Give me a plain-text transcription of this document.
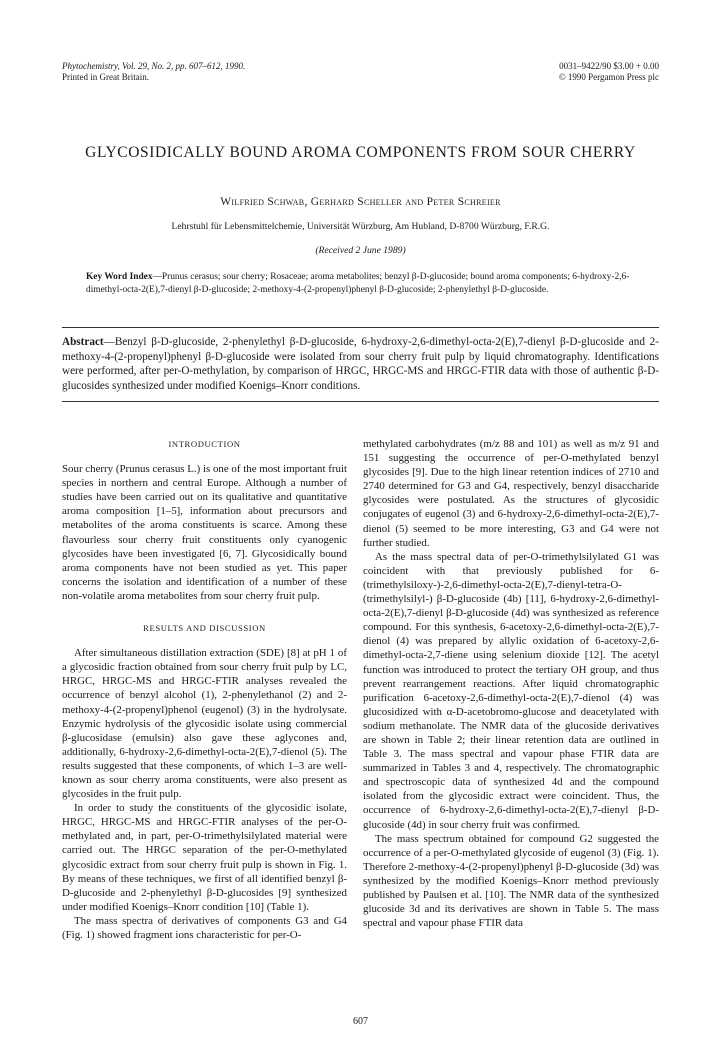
Phytochemistry, Vol. 29, No. 2, pp. 607–612, 1990.
Printed in Great Britain.
0031–9422/90 $3.00 + 0.00
© 1990 Pergamon Press plc
GLYCOSIDICALLY BOUND AROMA COMPONENTS FROM SOUR CHERRY
Wilfried Schwab, Gerhard Scheller and Peter Schreier
Lehrstuhl für Lebensmittelchemie, Universität Würzburg, Am Hubland, D-8700 Würzburg, F.R.G.
(Received 2 June 1989)
Key Word Index—Prunus cerasus; sour cherry; Rosaceae; aroma metabolites; benzyl β-D-glucoside; bound aroma components; 6-hydroxy-2,6-dimethyl-octa-2(E),7-dienyl β-D-glucoside; 2-methoxy-4-(2-propenyl)phenyl β-D-glucoside; 2-phenylethyl β-D-glucoside.
Abstract—Benzyl β-D-glucoside, 2-phenylethyl β-D-glucoside, 6-hydroxy-2,6-dimethyl-octa-2(E),7-dienyl β-D-glucoside and 2-methoxy-4-(2-propenyl)phenyl β-D-glucoside were isolated from sour cherry fruit pulp by liquid chromatography. Identifications were performed, after per-O-methylation, by comparison of HRGC, HRGC-MS and HRGC-FTIR data with those of authentic β-D-glucosides synthesized under modified Koenigs–Knorr conditions.
INTRODUCTION

Sour cherry (Prunus cerasus L.) is one of the most important fruit species in northern and central Europe. Although a number of studies have been carried out on its qualitative and quantitative aroma composition [1–5], information about precursors and metabolites of the aroma constituents is scarce. Among these flavourless sour cherry fruit constituents only cyanogenic glycosides have been investigated [6, 7]. Glycosidically bound aroma components have not been studied as yet. This paper concerns the isolation and identification of a number of these non-volatile aroma metabolites from sour cherry fruit pulp.

RESULTS AND DISCUSSION

After simultaneous distillation extraction (SDE) [8] at pH 1 of a glycosidic fraction obtained from sour cherry fruit pulp by LC, HRGC, HRGC-MS and HRGC-FTIR analyses revealed the occurrence of benzyl alcohol (1), 2-phenylethanol (2) and 2-methoxy-4-(2-propenyl)phenol (eugenol) (3) in the hydrolysate. Enzymic hydrolysis of the glycosidic isolate using commercial β-glucosidase (emulsin) also gave these aglycones and, additionally, 6-hydroxy-2,6-dimethyl-octa-2(E),7-dienol (5). The results suggested that these components, of which 1–3 are well-known as sour cherry aroma constituents, were also present as glycosides in the fruit pulp.

In order to study the constituents of the glycosidic isolate, HRGC, HRGC-MS and HRGC-FTIR analyses of the per-O-methylated and, in part, per-O-trimethylsilylated material were carried out. The HRGC separation of the per-O-methylated glycosidic extract from sour cherry fruit pulp is shown in Fig. 1. By means of these techniques, we first of all identified benzyl β-D-glucoside and 2-phenylethyl β-D-glucosides [9] synthesized under modified Koenigs–Knorr condition [10] (Table 1).

The mass spectra of derivatives of components G3 and G4 (Fig. 1) showed fragment ions characteristic for per-O-

methylated carbohydrates (m/z 88 and 101) as well as m/z 91 and 151 suggesting the occurrence of per-O-methylated benzyl glycosides [9]. Due to the high linear retention indices of 2710 and 2740 determined for G3 and G4, respectively, benzyl disaccharide glycosides were postulated. As the structures of glycosidic conjugates of eugenol (3) and 6-hydroxy-2,6-dimethyl-octa-2(E),7-dienol (5) seemed to be more interesting, G3 and G4 were not further studied.

As the mass spectral data of per-O-trimethylsilylated G1 was coincident with that previously published for 6-(trimethylsiloxy-)-2,6-dimethyl-octa-2(E),7-dienyl-tetra-O-(trimethylsilyl-) β-D-glucoside (4b) [11], 6-hydroxy-2,6-dimethyl-octa-2(E),7-dienyl β-D-glucoside (4d) was synthesized as reference compound. For this synthesis, 6-acetoxy-2,6-dimethyl-octa-2(E),7-dienol (4) was prepared by allylic oxidation of 6-acetoxy-2,6-dimethyl-octa-2,7-diene using selenium dioxide [12]. The acetyl function was introduced to protect the tertiary OH group, and thus prevent rearrangement reactions. After liquid chromatographic purification 6-acetoxy-2,6-dimethyl-octa-2(E),7-dienol (4) was glucosidized with α-D-acetobromo-glucose and deacetylated with sodium methanolate. The NMR data of the glucoside derivatives are shown in Table 2; their linear retention data are outlined in Table 3. The mass spectral and vapour phase FTIR data are summarized in Tables 3 and 4, respectively. The chromatographic and spectroscopic data of synthesized 4d and the compound isolated from the glycosidic extract were coincident. Thus, the occurrence of 6-hydroxy-2,6-dimethyl-octa-2(E),7-dienyl β-D-glucoside (4d) in sour cherry fruit was confirmed.

The mass spectrum obtained for compound G2 suggested the occurrence of a per-O-methylated glycoside of eugenol (3) (Fig. 1). Therefore 2-methoxy-4-(2-propenyl)phenyl β-D-glucoside (3d) was synthesized by the modified Koenigs–Knorr method previously published by Paulsen et al. [10]. The NMR data of the synthesized glucoside 3d and its derivatives are shown in Table 5. The mass spectral and vapour phase FTIR data

607
